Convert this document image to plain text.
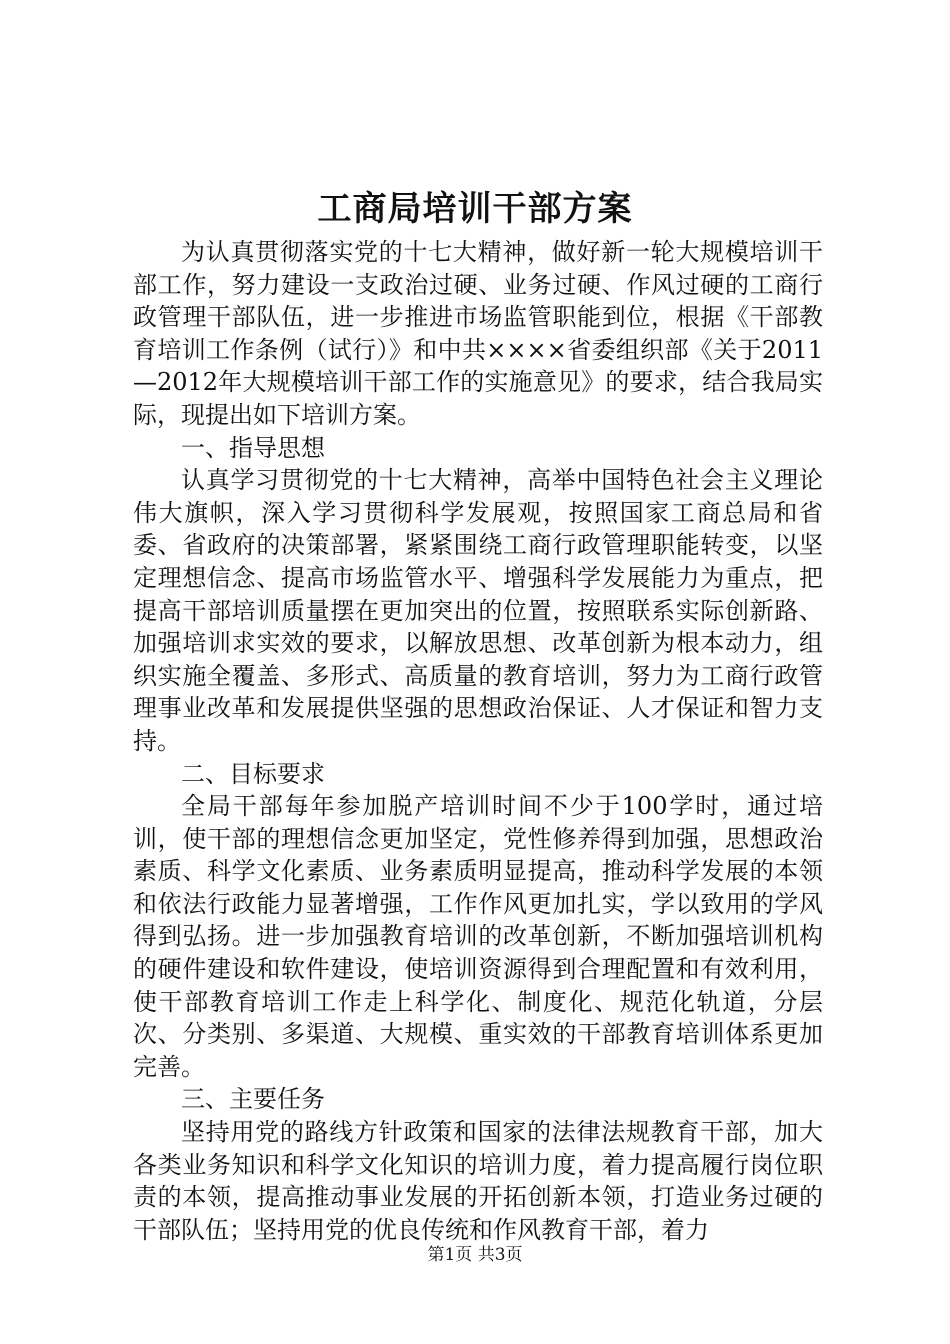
工商局培训干部方案

为认真贯彻落实党的十七大精神，做好新一轮大规模培训干部工作，努力建设一支政治过硬、业务过硬、作风过硬的工商行政管理干部队伍，进一步推进市场监管职能到位，根据《干部教育培训工作条例（试行）》和中共××××省委组织部《关于2011—2012年大规模培训干部工作的实施意见》的要求，结合我局实际，现提出如下培训方案。

一、指导思想

认真学习贯彻党的十七大精神，高举中国特色社会主义理论伟大旗帜，深入学习贯彻科学发展观，按照国家工商总局和省委、省政府的决策部署，紧紧围绕工商行政管理职能转变，以坚定理想信念、提高市场监管水平、增强科学发展能力为重点，把提高干部培训质量摆在更加突出的位置，按照联系实际创新路、加强培训求实效的要求，以解放思想、改革创新为根本动力，组织实施全覆盖、多形式、高质量的教育培训，努力为工商行政管理事业改革和发展提供坚强的思想政治保证、人才保证和智力支持。

二、目标要求

全局干部每年参加脱产培训时间不少于100学时，通过培训，使干部的理想信念更加坚定，党性修养得到加强，思想政治素质、科学文化素质、业务素质明显提高，推动科学发展的本领和依法行政能力显著增强，工作作风更加扎实，学以致用的学风得到弘扬。进一步加强教育培训的改革创新，不断加强培训机构的硬件建设和软件建设，使培训资源得到合理配置和有效利用，使干部教育培训工作走上科学化、制度化、规范化轨道，分层次、分类别、多渠道、大规模、重实效的干部教育培训体系更加完善。

三、主要任务

坚持用党的路线方针政策和国家的法律法规教育干部，加大各类业务知识和科学文化知识的培训力度，着力提高履行岗位职责的本领，提高推动事业发展的开拓创新本领，打造业务过硬的干部队伍；坚持用党的优良传统和作风教育干部，着力

第1页 共3页
